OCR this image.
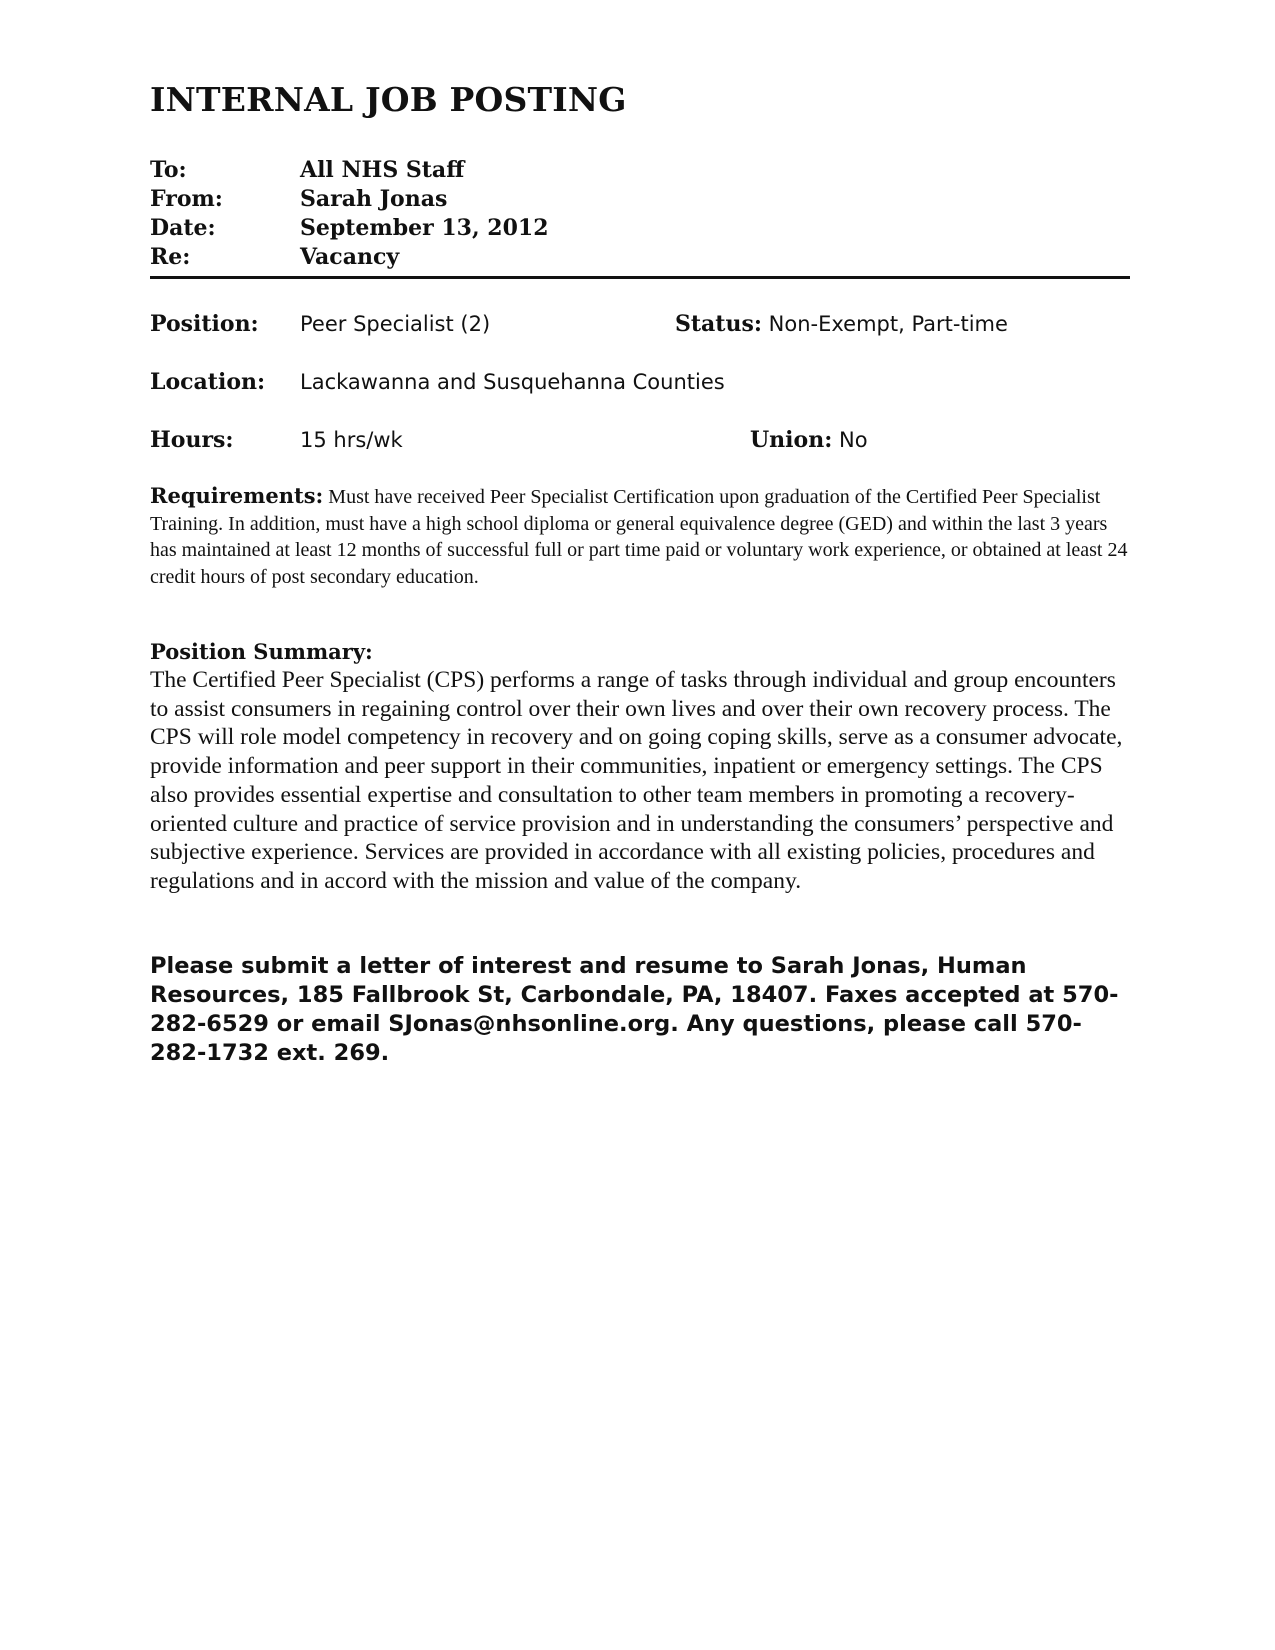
INTERNAL JOB POSTING
To:	All NHS Staff
From:	Sarah Jonas
Date:	September 13, 2012
Re:	Vacancy
Position: Peer Specialist (2)	Status: Non-Exempt, Part-time
Location: Lackawanna and Susquehanna Counties
Hours:	15 hrs/wk	Union: No
Requirements: Must have received Peer Specialist Certification upon graduation of the Certified Peer Specialist Training. In addition, must have a high school diploma or general equivalence degree (GED) and within the last 3 years has maintained at least 12 months of successful full or part time paid or voluntary work experience, or obtained at least 24 credit hours of post secondary education.
Position Summary:

The Certified Peer Specialist (CPS) performs a range of tasks through individual and group encounters to assist consumers in regaining control over their own lives and over their own recovery process. The CPS will role model competency in recovery and on going coping skills, serve as a consumer advocate, provide information and peer support in their communities, inpatient or emergency settings. The CPS also provides essential expertise and consultation to other team members in promoting a recovery-oriented culture and practice of service provision and in understanding the consumers’ perspective and subjective experience. Services are provided in accordance with all existing policies, procedures and regulations and in accord with the mission and value of the company.

Please submit a letter of interest and resume to Sarah Jonas, Human Resources, 185 Fallbrook St, Carbondale, PA, 18407. Faxes accepted at 570-282-6529 or email SJonas@nhsonline.org. Any questions, please call 570-282-1732 ext. 269.
